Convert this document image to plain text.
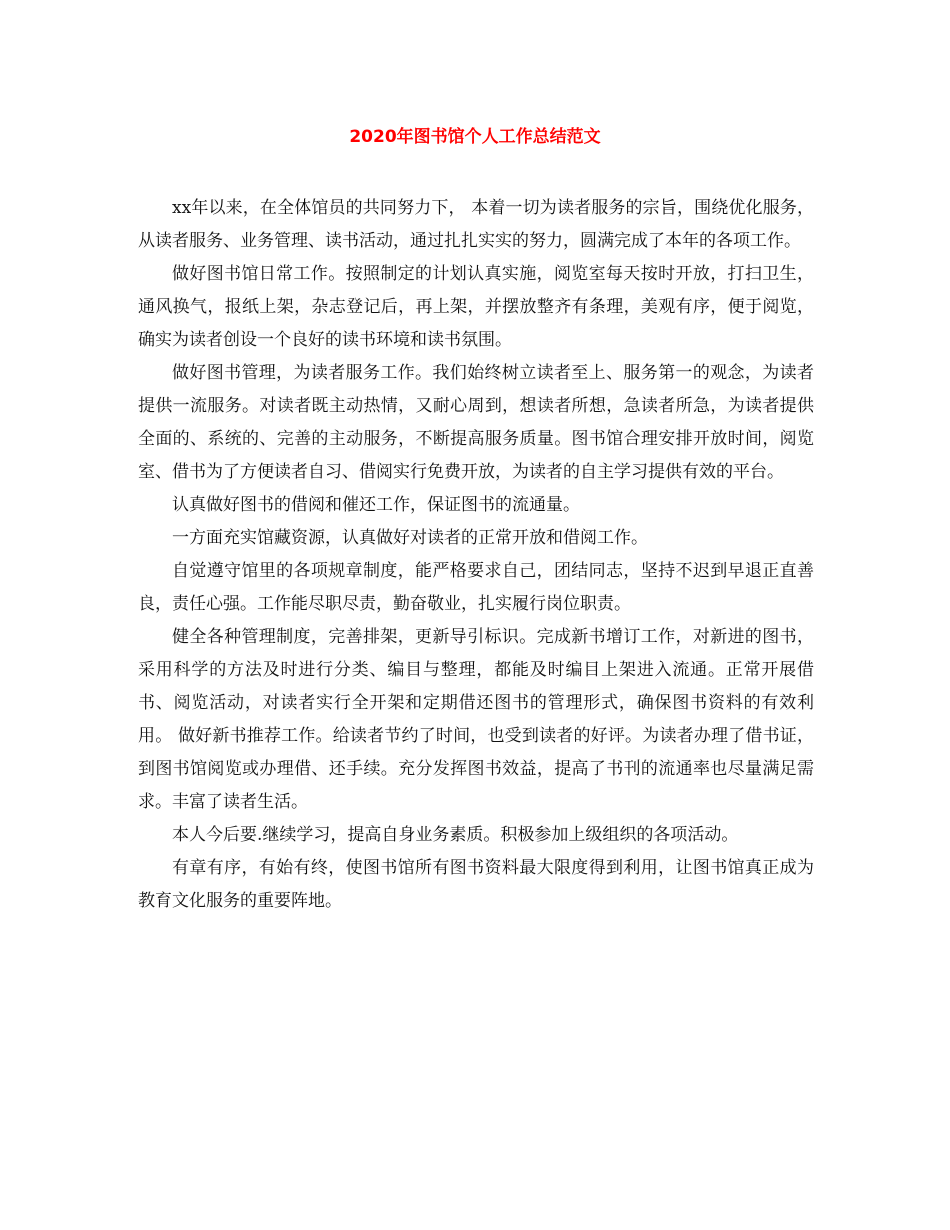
2020年图书馆个人工作总结范文

xx年以来，在全体馆员的共同努力下， 本着一切为读者服务的宗旨，围绕优化服务，从读者服务、业务管理、读书活动，通过扎扎实实的努力，圆满完成了本年的各项工作。

做好图书馆日常工作。按照制定的计划认真实施，阅览室每天按时开放，打扫卫生，通风换气，报纸上架，杂志登记后，再上架，并摆放整齐有条理，美观有序，便于阅览，确实为读者创设一个良好的读书环境和读书氛围。

做好图书管理，为读者服务工作。我们始终树立读者至上、服务第一的观念，为读者提供一流服务。对读者既主动热情，又耐心周到，想读者所想，急读者所急，为读者提供全面的、系统的、完善的主动服务，不断提高服务质量。图书馆合理安排开放时间，阅览室、借书为了方便读者自习、借阅实行免费开放，为读者的自主学习提供有效的平台。

认真做好图书的借阅和催还工作，保证图书的流通量。

一方面充实馆藏资源，认真做好对读者的正常开放和借阅工作。

自觉遵守馆里的各项规章制度，能严格要求自己，团结同志，坚持不迟到早退正直善良，责任心强。工作能尽职尽责，勤奋敬业，扎实履行岗位职责。

健全各种管理制度，完善排架，更新导引标识。完成新书增订工作，对新进的图书，采用科学的方法及时进行分类、编目与整理，都能及时编目上架进入流通。正常开展借书、阅览活动，对读者实行全开架和定期借还图书的管理形式，确保图书资料的有效利用。 做好新书推荐工作。给读者节约了时间，也受到读者的好评。为读者办理了借书证，到图书馆阅览或办理借、还手续。充分发挥图书效益，提高了书刊的流通率也尽量满足需求。丰富了读者生活。

本人今后要.继续学习，提高自身业务素质。积极参加上级组织的各项活动。

有章有序，有始有终，使图书馆所有图书资料最大限度得到利用，让图书馆真正成为教育文化服务的重要阵地。
